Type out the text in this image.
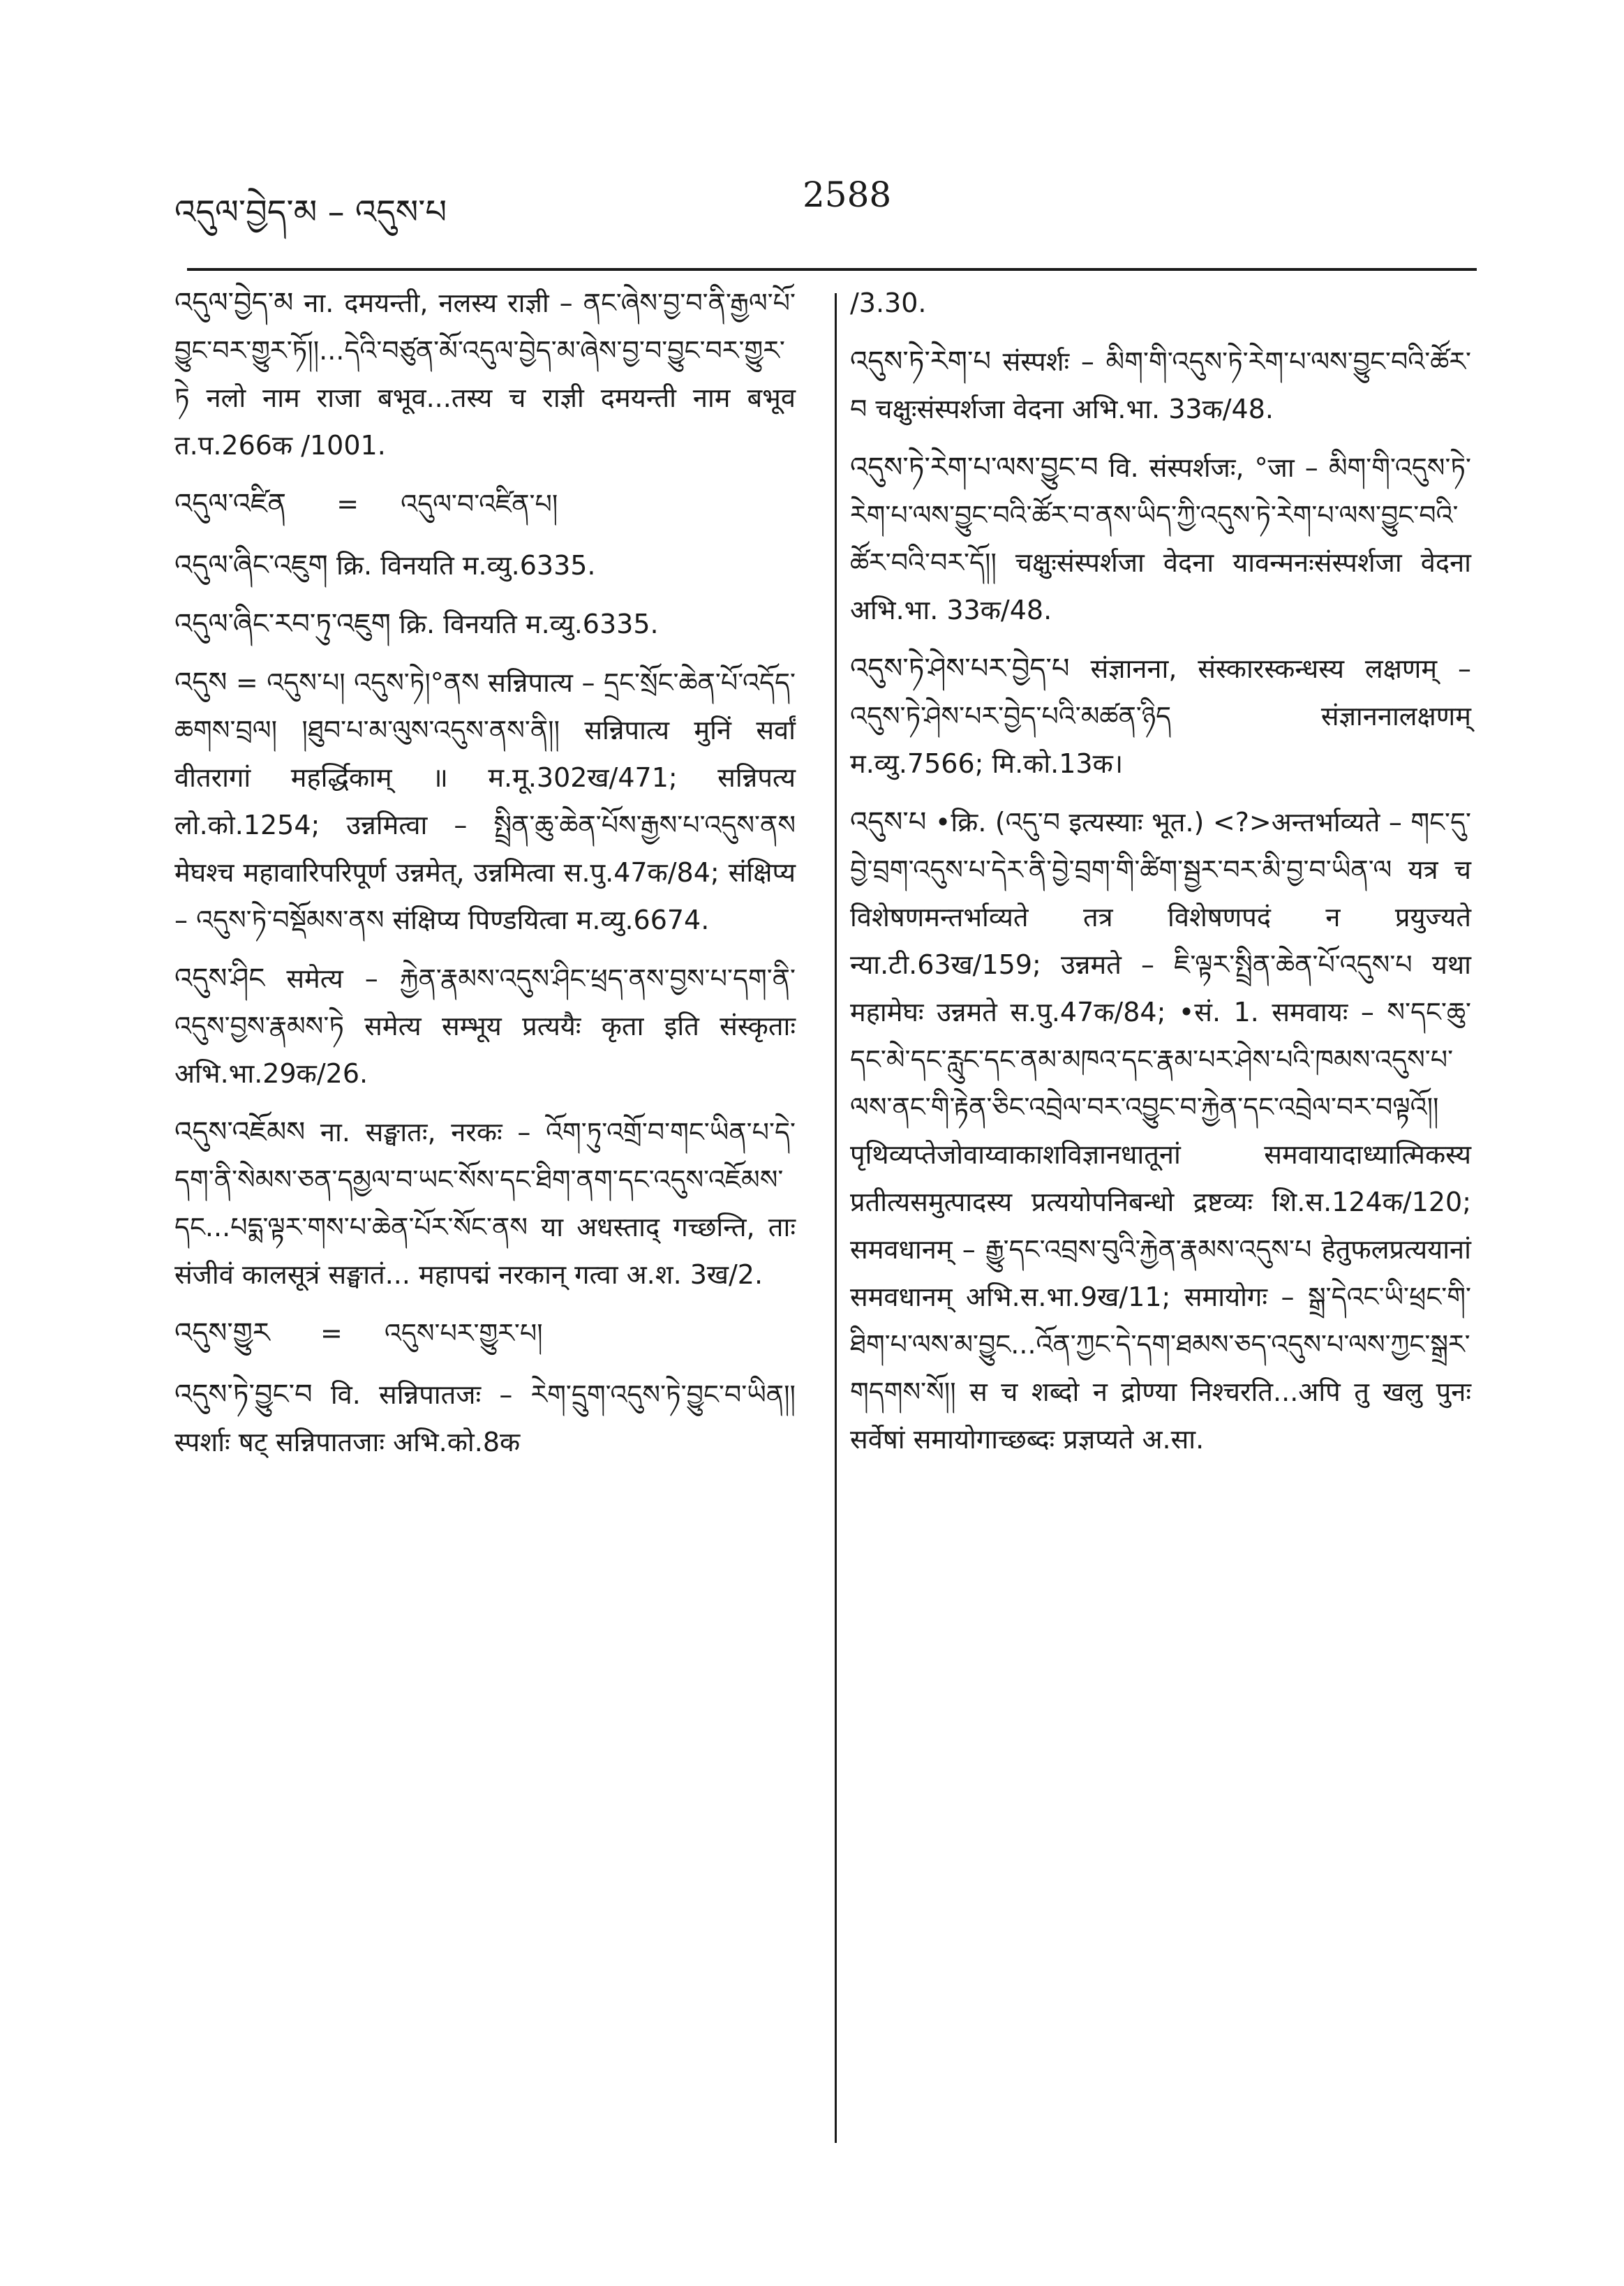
འདུལ་བྱེད་མ – འདུས་པ	2588
འདུལ་བྱེད་མ ना. दमयन्ती, नलस्य राज्ञी – ནང་ཞེས་བྱ་བ་ནི་རྒྱལ་པོ་བྱུང་བར་གྱུར་ཏོ།།...དེའི་བཙུན་མོ་འདུལ་བྱེད་མ་ཞེས་བྱ་བ་བྱུང་བར་གྱུར་ཏེ नलो नाम राजा बभूव...तस्य च राज्ञी दमयन्ती नाम बभूव त.प.266क /1001.
འདུལ་འཛིན = འདུལ་བ་འཛིན་པ།
འདུལ་ཞིང་འཇུག क्रि. विनयति म.व्यु.6335.
འདུལ་ཞིང་རབ་ཏུ་འཇུག क्रि. विनयति म.व्यु.6335.
འདུས = འདུས་པ། འདུས་ཏེ།°ནས सन्निपात्य – དྲང་སྲོང་ཆེན་པོ་འདོད་ཆགས་བྲལ། །ཐུབ་པ་མ་ལུས་འདུས་ནས་ནི།། सन्निपात्य मुनिं सर्वां वीतरागां महर्द्धिकाम् ॥ म.मू.302ख/471; सन्निपत्य लो.को.1254; उन्नमित्वा – སྤྲིན་ཆུ་ཆེན་པོས་རྒྱས་པ་འདུས་ནས मेघश्च महावारिपरिपूर्ण उन्नमेत्, उन्नमित्वा स.पु.47क/84; संक्षिप्य – འདུས་ཏེ་བསྡོམས་ནས संक्षिप्य पिण्डयित्वा म.व्यु.6674.
འདུས་ཤིང समेत्य – རྐྱེན་རྣམས་འདུས་ཤིང་ཕྲད་ནས་བྱས་པ་དག་ནི་འདུས་བྱས་རྣམས་ཏེ समेत्य सम्भूय प्रत्ययैः कृता इति संस्कृताः अभि.भा.29क/26.
འདུས་འཇོམས ना. सङ्घातः, नरकः – འོག་ཏུ་འགྲོ་བ་གང་ཡིན་པ་དེ་དག་ནི་སེམས་ཅན་དམྱལ་བ་ཡང་སོས་དང་ཐིག་ནག་དང་འདུས་འཇོམས་དང...པདྨ་ལྟར་གས་པ་ཆེན་པོར་སོང་ནས या अधस्ताद् गच्छन्ति, ताः संजीवं कालसूत्रं सङ्घातं... महापद्मं नरकान् गत्वा अ.श. 3ख/2.
འདུས་གྱུར = འདུས་པར་གྱུར་པ།
འདུས་ཏེ་བྱུང་བ वि. सन्निपातजः – རེག་དྲུག་འདུས་ཏེ་བྱུང་བ་ཡིན།། स्पर्शाः षट् सन्निपातजाः अभि.को.8क
/3.30.
འདུས་ཏེ་རེག་པ संस्पर्शः – མིག་གི་འདུས་ཏེ་རེག་པ་ལས་བྱུང་བའི་ཚོར་བ चक्षुःसंस्पर्शजा वेदना अभि.भा. 33क/48.
འདུས་ཏེ་རེག་པ་ལས་བྱུང་བ वि. संस्पर्शजः, °जा – མིག་གི་འདུས་ཏེ་རེག་པ་ལས་བྱུང་བའི་ཚོར་བ་ནས་ཡིད་ཀྱི་འདུས་ཏེ་རེག་པ་ལས་བྱུང་བའི་ཚོར་བའི་བར་དོ།། चक्षुःसंस्पर्शजा वेदना यावन्मनःसंस्पर्शजा वेदना अभि.भा. 33क/48.
འདུས་ཏེ་ཤེས་པར་བྱེད་པ संज्ञानना, संस्कारस्कन्धस्य लक्षणम् – འདུས་ཏེ་ཤེས་པར་བྱེད་པའི་མཚན་ཉིད संज्ञाननालक्षणम् म.व्यु.7566; मि.को.13क।
འདུས་པ •क्रि. (འདུ་བ इत्यस्याः भूत.) <?>अन्तर्भाव्यते – གང་དུ་བྱེ་བྲག་འདུས་པ་དེར་ནི་བྱེ་བྲག་གི་ཚིག་སྦྱར་བར་མི་བྱ་བ་ཡིན་ལ यत्र च विशेषणमन्तर्भाव्यते तत्र विशेषणपदं न प्रयुज्यते न्या.टी.63ख/159; उन्नमते – ཇི་ལྟར་སྤྲིན་ཆེན་པོ་འདུས་པ यथा महामेघः उन्नमते स.पु.47क/84; •सं. 1. समवायः – ས་དང་ཆུ་དང་མེ་དང་རླུང་དང་ནམ་མཁའ་དང་རྣམ་པར་ཤེས་པའི་ཁམས་འདུས་པ་ལས་ནང་གི་རྟེན་ཅིང་འབྲེལ་བར་འབྱུང་བ་རྐྱེན་དང་འབྲེལ་བར་བལྟའོ།། पृथिव्यप्तेजोवाय्वाकाशविज्ञानधातूनां समवायादाध्यात्मिकस्य प्रतीत्यसमुत्पादस्य प्रत्ययोपनिबन्धो द्रष्टव्यः शि.स.124क/120; समवधानम् – རྒྱུ་དང་འབྲས་བུའི་རྐྱེན་རྣམས་འདུས་པ हेतुफलप्रत्ययानां समवधानम् अभि.स.भा.9ख/11; समायोगः – སྒྲ་དེའང་ཡི་ཕྲང་གི་ཐིག་པ་ལས་མ་བྱུང...འོན་ཀྱང་དེ་དག་ཐམས་ཅད་འདུས་པ་ལས་ཀྱང་སྒྲར་གདགས་སོ།། स च शब्दो न द्रोण्या निश्चरति...अपि तु खलु पुनः सर्वेषां समायोगाच्छब्दः प्रज्ञप्यते अ.सा.
